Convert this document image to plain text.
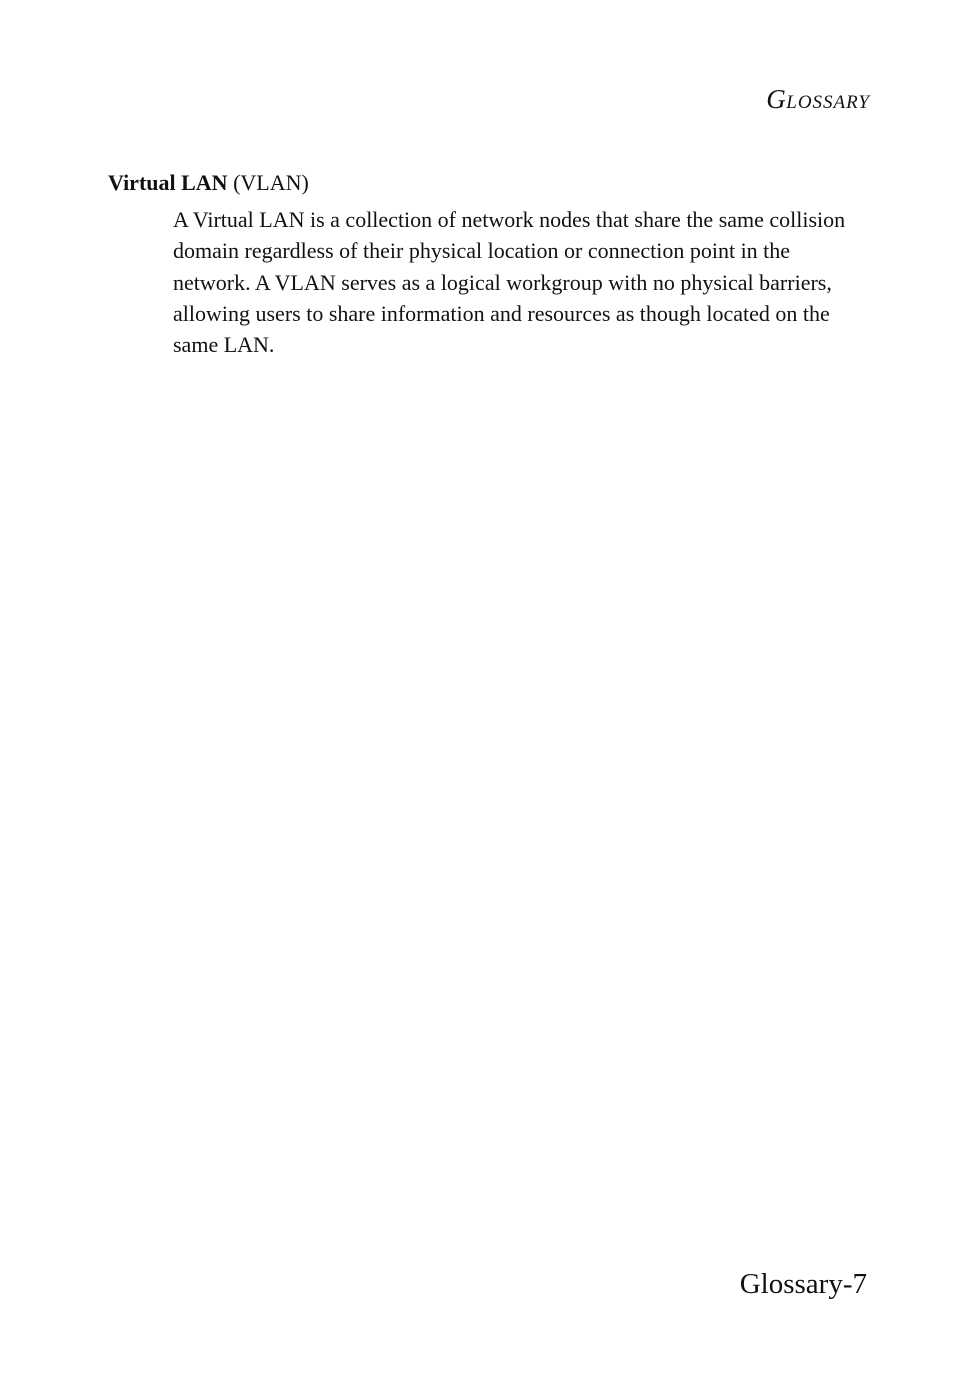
GLOSSARY

Virtual LAN (VLAN)

A Virtual LAN is a collection of network nodes that share the same collision domain regardless of their physical location or connection point in the network. A VLAN serves as a logical workgroup with no physical barriers, allowing users to share information and resources as though located on the same LAN.

Glossary-7
